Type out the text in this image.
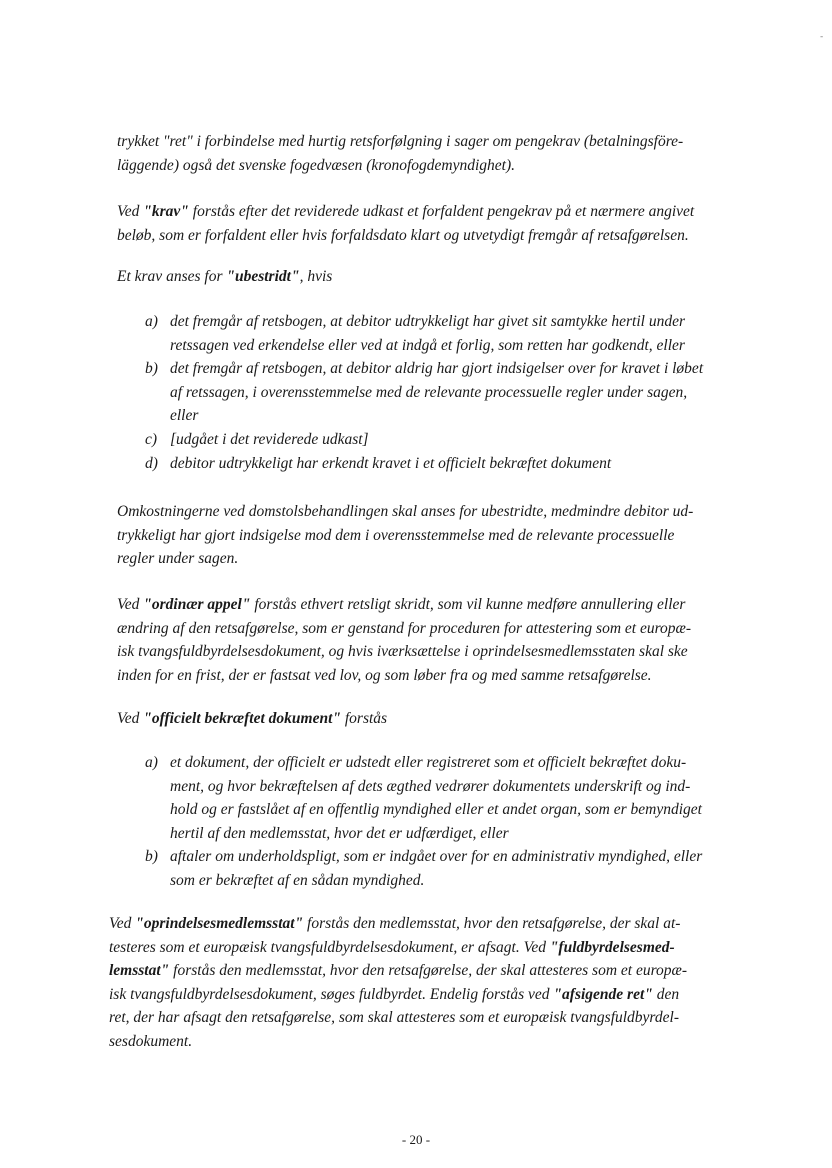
-
trykket "ret" i forbindelse med hurtig retsforfølgning i sager om pengekrav (betalningsföre-
läggende) også det svenske fogedvæsen (kronofogdemyndighet).
Ved "krav" forstås efter det reviderede udkast et forfaldent pengekrav på et nærmere angivet
beløb, som er forfaldent eller hvis forfaldsdato klart og utvetydigt fremgår af retsafgørelsen.
Et krav anses for "ubestridt", hvis
a) det fremgår af retsbogen, at debitor udtrykkeligt har givet sit samtykke hertil under
retssagen ved erkendelse eller ved at indgå et forlig, som retten har godkendt, eller
b) det fremgår af retsbogen, at debitor aldrig har gjort indsigelser over for kravet i løbet
af retssagen, i overensstemmelse med de relevante processuelle regler under sagen,
eller
c) [udgået i det reviderede udkast]
d) debitor udtrykkeligt har erkendt kravet i et officielt bekræftet dokument
Omkostningerne ved domstolsbehandlingen skal anses for ubestridte, medmindre debitor ud-
trykkeligt har gjort indsigelse mod dem i overensstemmelse med de relevante processuelle
regler under sagen.
Ved "ordinær appel" forstås ethvert retsligt skridt, som vil kunne medføre annullering eller
ændring af den retsafgørelse, som er genstand for proceduren for attestering som et europæ-
isk tvangsfuldbyrdelsesdokument, og hvis iværksættelse i oprindelsesmedlemsstaten skal ske
inden for en frist, der er fastsat ved lov, og som løber fra og med samme retsafgørelse.
Ved "officielt bekræftet dokument" forstås
a) et dokument, der officielt er udstedt eller registreret som et officielt bekræftet doku-
ment, og hvor bekræftelsen af dets ægthed vedrører dokumentets underskrift og ind-
hold og er fastslået af en offentlig myndighed eller et andet organ, som er bemyndiget
hertil af den medlemsstat, hvor det er udfærdiget, eller
b) aftaler om underholdspligt, som er indgået over for en administrativ myndighed, eller
som er bekræftet af en sådan myndighed.
Ved "oprindelsesmedlemsstat" forstås den medlemsstat, hvor den retsafgørelse, der skal at-
testeres som et europæisk tvangsfuldbyrdelsesdokument, er afsagt. Ved "fuldbyrdelsesmed-
lemsstat" forstås den medlemsstat, hvor den retsafgørelse, der skal attesteres som et europæ-
isk tvangsfuldbyrdelsesdokument, søges fuldbyrdet. Endelig forstås ved "afsigende ret" den
ret, der har afsagt den retsafgørelse, som skal attesteres som et europæisk tvangsfuldbyrdel-
sesdokument.
- 20 -
